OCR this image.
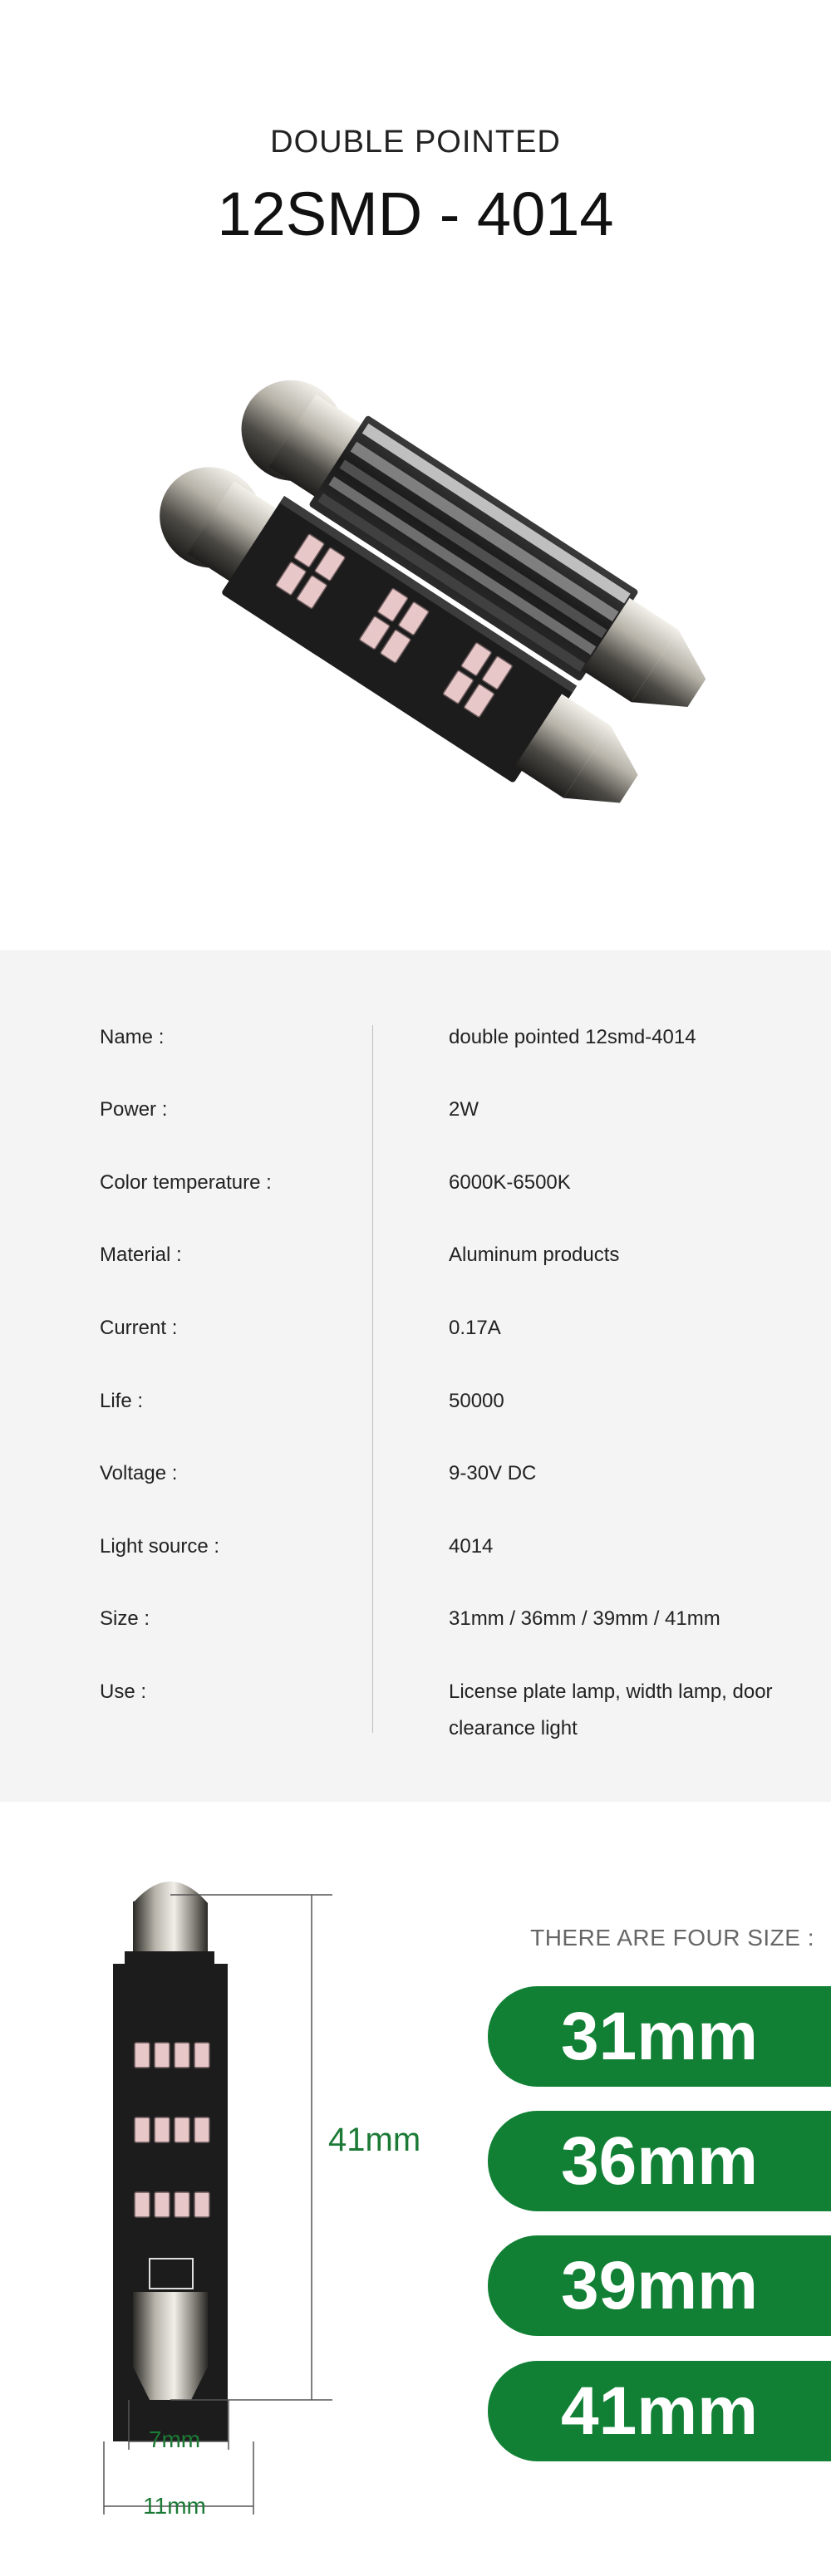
DOUBLE POINTED
12SMD - 4014
Name :	double pointed 12smd-4014
Power :	2W
Color temperature :	6000K-6500K
Material :	Aluminum products
Current :	0.17A
Life :	50000
Voltage :	9-30V DC
Light source :	4014
Size :	31mm / 36mm / 39mm / 41mm
Use :	License plate lamp, width lamp, door clearance light
41mm
7mm
11mm
THERE ARE FOUR SIZE :
31mm
36mm
39mm
41mm
